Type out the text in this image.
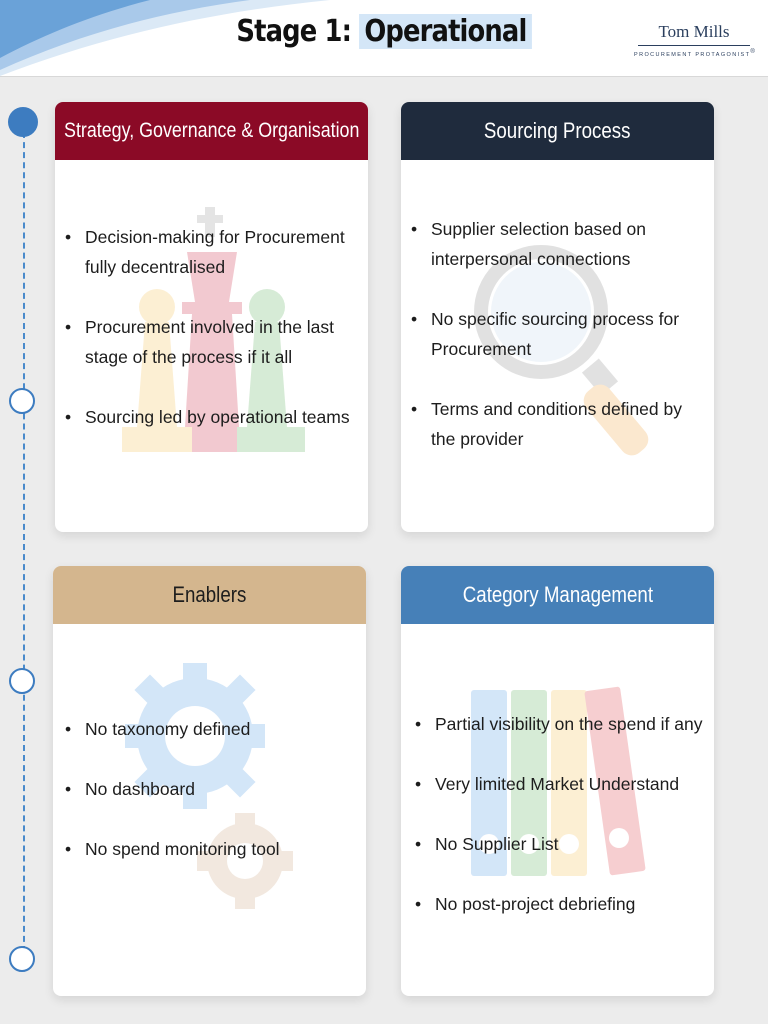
Stage 1: Operational	Tom Mills
PROCUREMENT PROTAGONIST®
Strategy, Governance & Organisation
• Decision-making for Procurement fully decentralised
• Procurement involved in the last stage of the process if it all
• Sourcing led by operational teams
Sourcing Process
• Supplier selection based on interpersonal connections
• No specific sourcing process for Procurement
• Terms and conditions defined by the provider
Enablers
• No taxonomy defined
• No dashboard
• No spend monitoring tool
Category Management
• Partial visibility on the spend if any
• Very limited Market Understand
• No Supplier List
• No post-project debriefing
